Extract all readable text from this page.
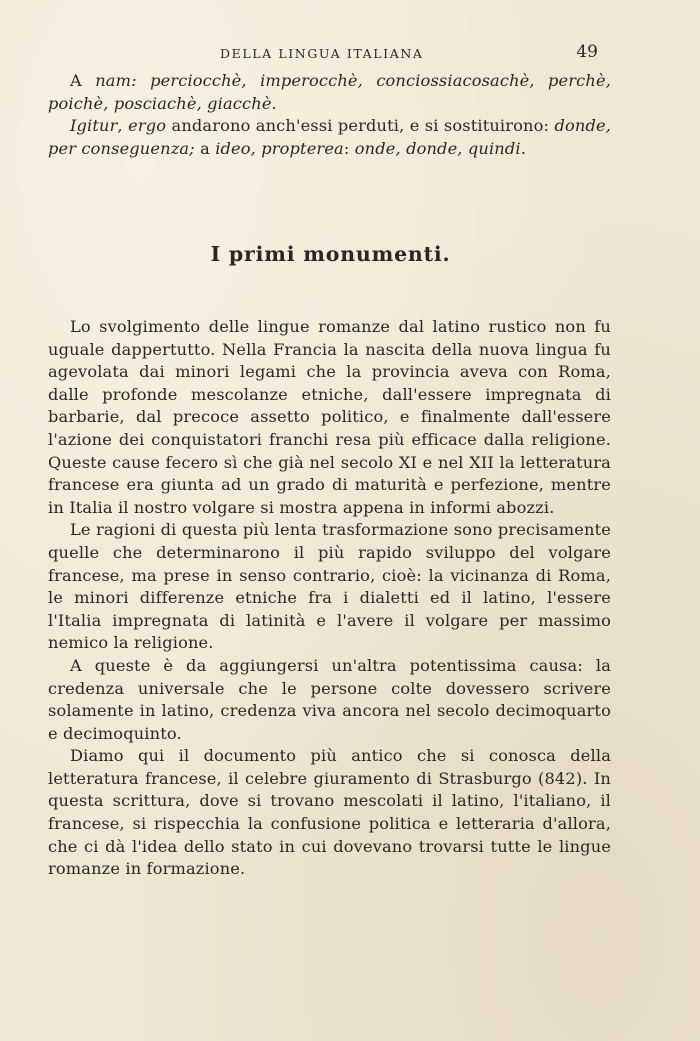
DELLA LINGUA ITALIANA	49

A nam: perciocchè, imperocchè, conciossiacosachè, perchè, poichè, posciachè, giacchè.

Igitur, ergo andarono anch'essi perduti, e si sostituirono: donde, per conseguenza; a ideo, propterea: onde, donde, quindi.

I primi monumenti.

Lo svolgimento delle lingue romanze dal latino rustico non fu uguale dappertutto. Nella Francia la nascita della nuova lingua fu agevolata dai minori legami che la provincia aveva con Roma, dalle profonde mescolanze etniche, dall'essere impregnata di barbarie, dal precoce assetto politico, e finalmente dall'essere l'azione dei conquistatori franchi resa più efficace dalla religione. Queste cause fecero sì che già nel secolo XI e nel XII la letteratura francese era giunta ad un grado di maturità e perfezione, mentre in Italia il nostro volgare si mostra appena in informi abozzi.

Le ragioni di questa più lenta trasformazione sono precisamente quelle che determinarono il più rapido sviluppo del volgare francese, ma prese in senso contrario, cioè: la vicinanza di Roma, le minori differenze etniche fra i dialetti ed il latino, l'essere l'Italia impregnata di latinità e l'avere il volgare per massimo nemico la religione.

A queste è da aggiungersi un'altra potentissima causa: la credenza universale che le persone colte dovessero scrivere solamente in latino, credenza viva ancora nel secolo decimoquarto e decimoquinto.

Diamo qui il documento più antico che si conosca della letteratura francese, il celebre giuramento di Strasburgo (842). In questa scrittura, dove si trovano mescolati il latino, l'italiano, il francese, si rispecchia la confusione politica e letteraria d'allora, che ci dà l'idea dello stato in cui dovevano trovarsi tutte le lingue romanze in formazione.
